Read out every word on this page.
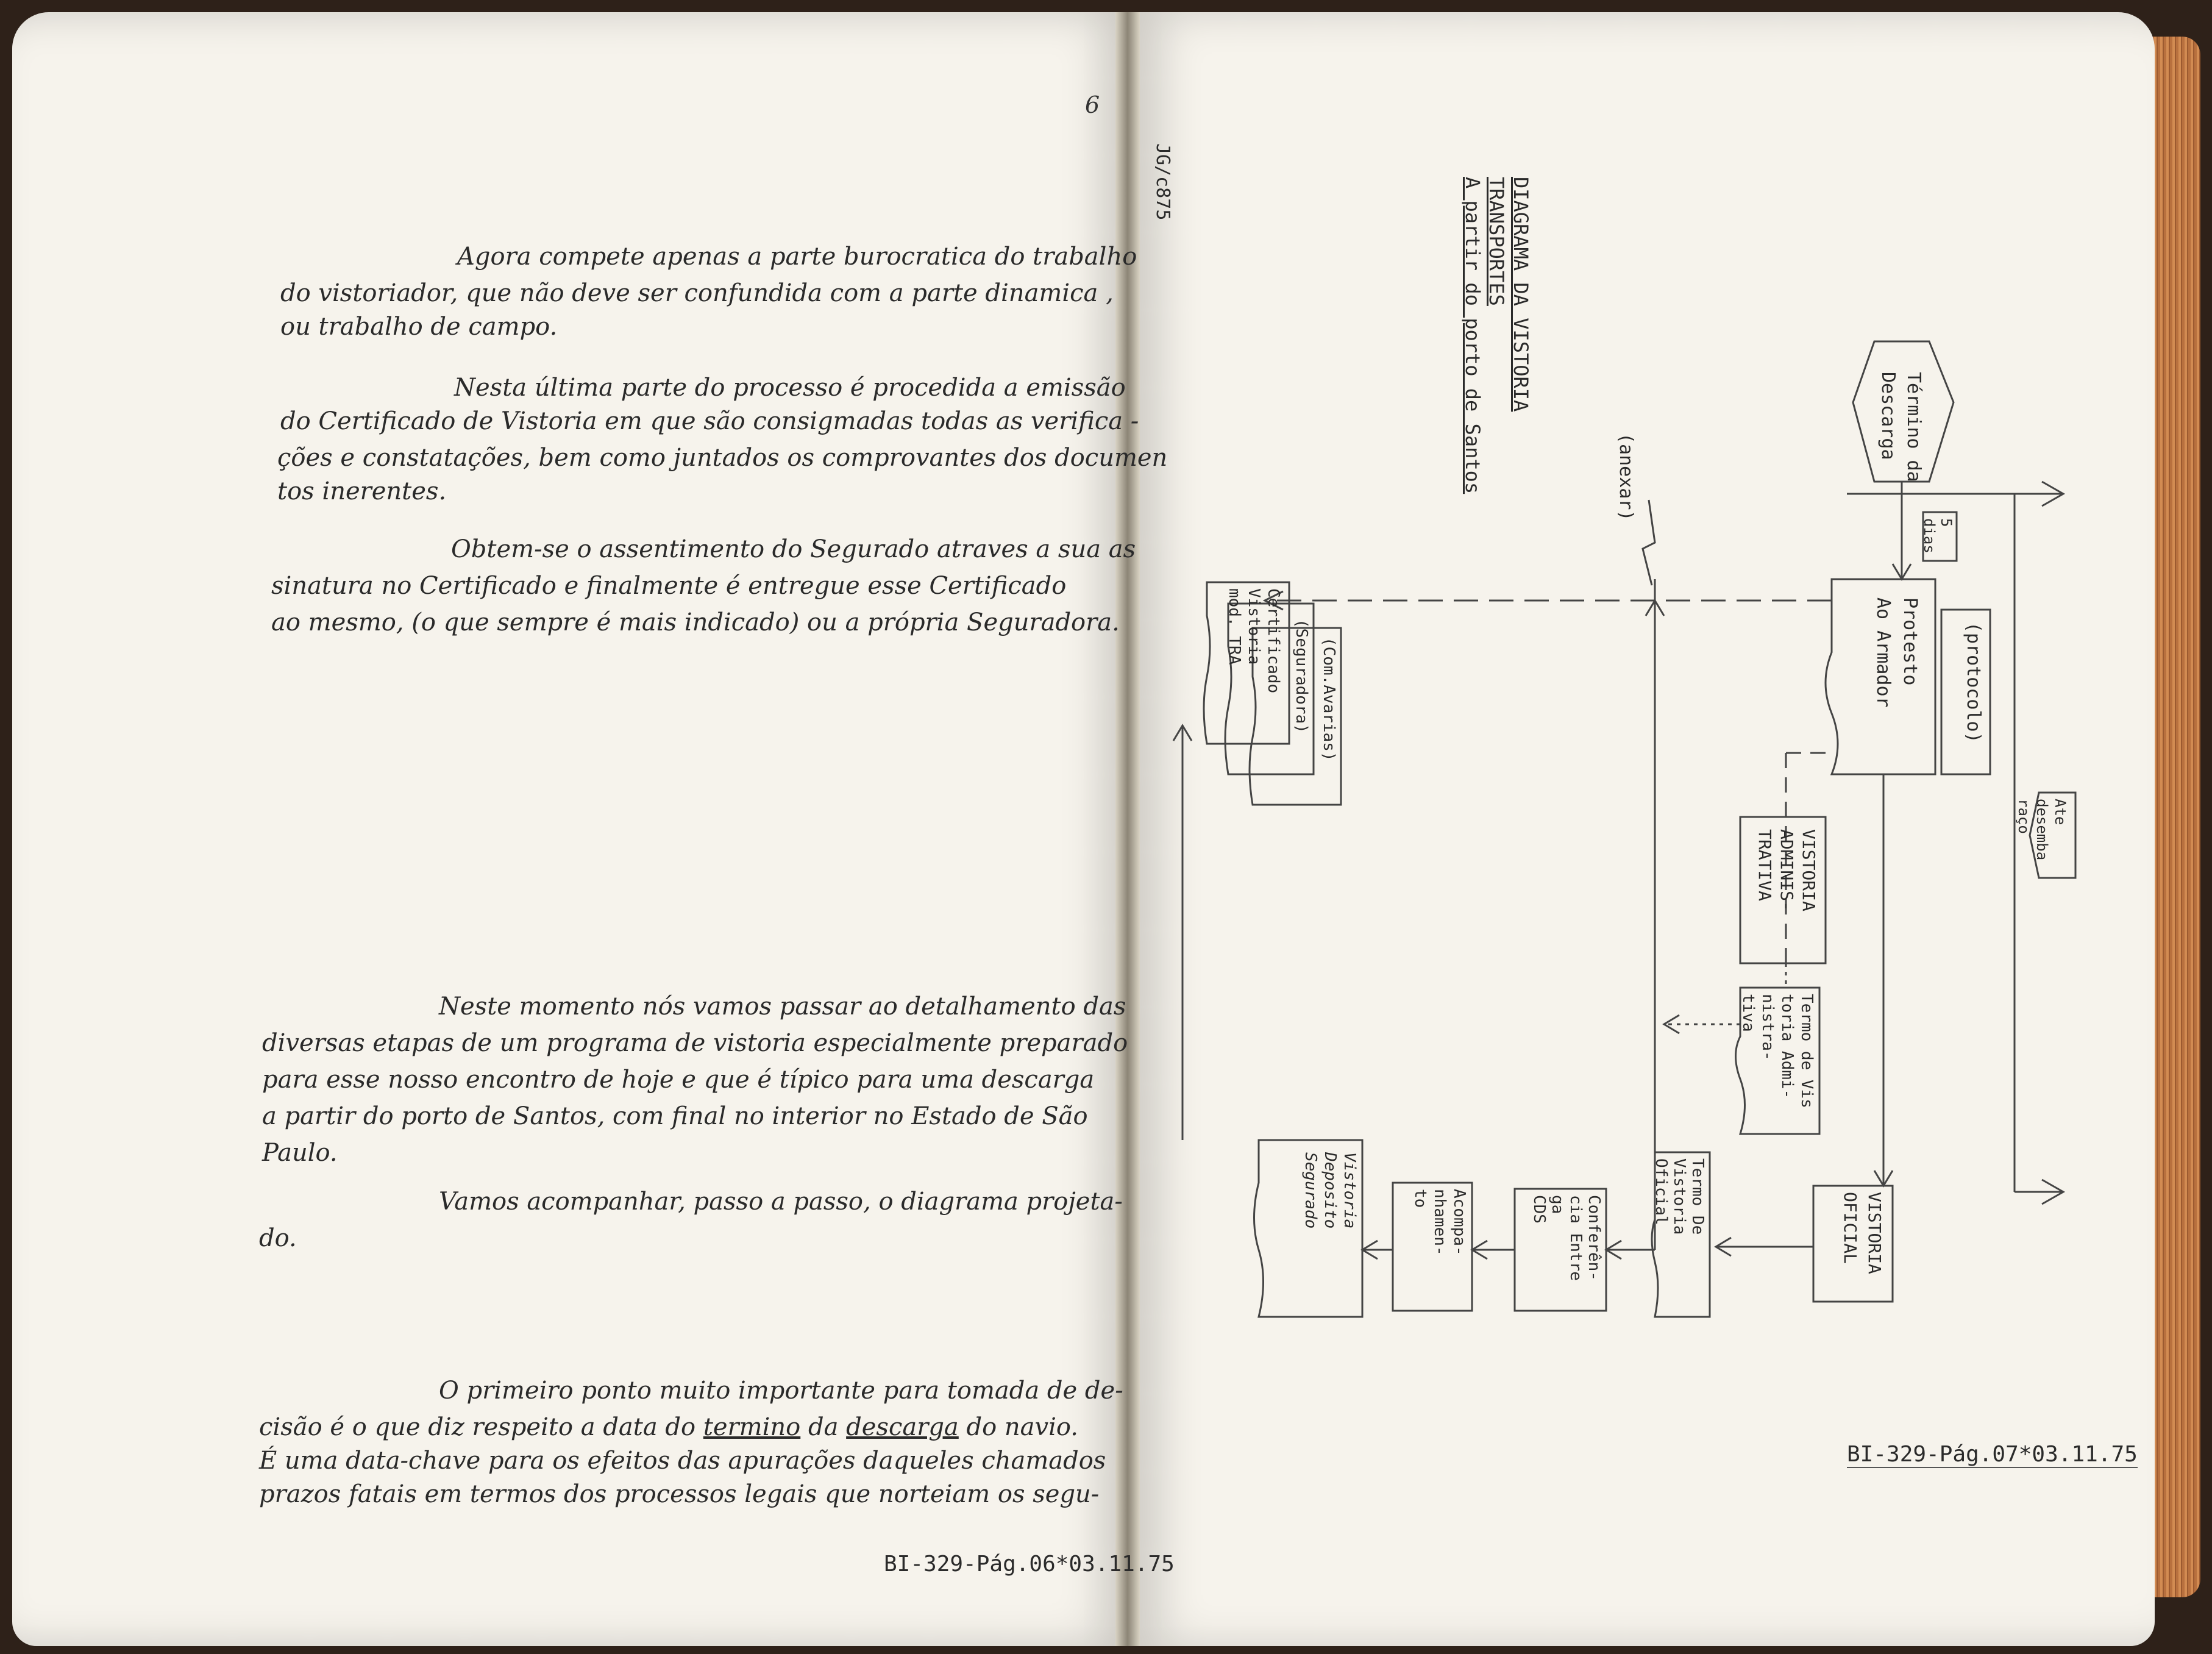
6
Agora compete apenas a parte burocratica do trabalho
do vistoriador, que não deve ser confundida com a parte dinamica ,
ou trabalho de campo.
Nesta última parte do processo é procedida a emissão
do Certificado de Vistoria em que são consigmadas todas as verifica -
ções e constatações, bem como juntados os comprovantes dos documen
tos inerentes.
Obtem-se o assentimento do Segurado atraves a sua as
sinatura no Certificado e finalmente é entregue esse Certificado
ao mesmo, (o que sempre é mais indicado) ou a própria Seguradora.
Neste momento nós vamos passar ao detalhamento das
diversas etapas de um programa de vistoria especialmente preparado
para esse nosso encontro de hoje e que é típico para uma descarga
a partir do porto de Santos, com final no interior no Estado de São
Paulo.
Vamos acompanhar, passo a passo, o diagrama projeta-
do.
O primeiro ponto muito importante para tomada de de-
cisão é o que diz respeito a data do termino da descarga do navio.
É uma data-chave para os efeitos das apurações daqueles chamados
prazos fatais em termos dos processos legais que norteiam os segu-
BI-329-Pág.06*03.11.75
JG/c875	DIAGRAMA DA VISTORIA
TRANSPORTES
A partir do porto de Santos	Término da
Descarga
5
dias
Protesto
Ao Armador	(protocolo)
(anexar)
Ate
desemba
raço
Certificado
Vistoria
mod. TRA	(Seguradora) (Com.Avarias)
VISTORIA
ADMINIS-
TRATIVA
Termo de Vis
toria Admi-
nistra-
tiva
VISTORIA
OFICIAL
Termo De
Vistoria
Oficial
Conferên-
cia Entre
ga
CDS
Acompa-
nhamen-
to
Vistoria
Deposito
Segurado
BI-329-Pág.07*03.11.75
